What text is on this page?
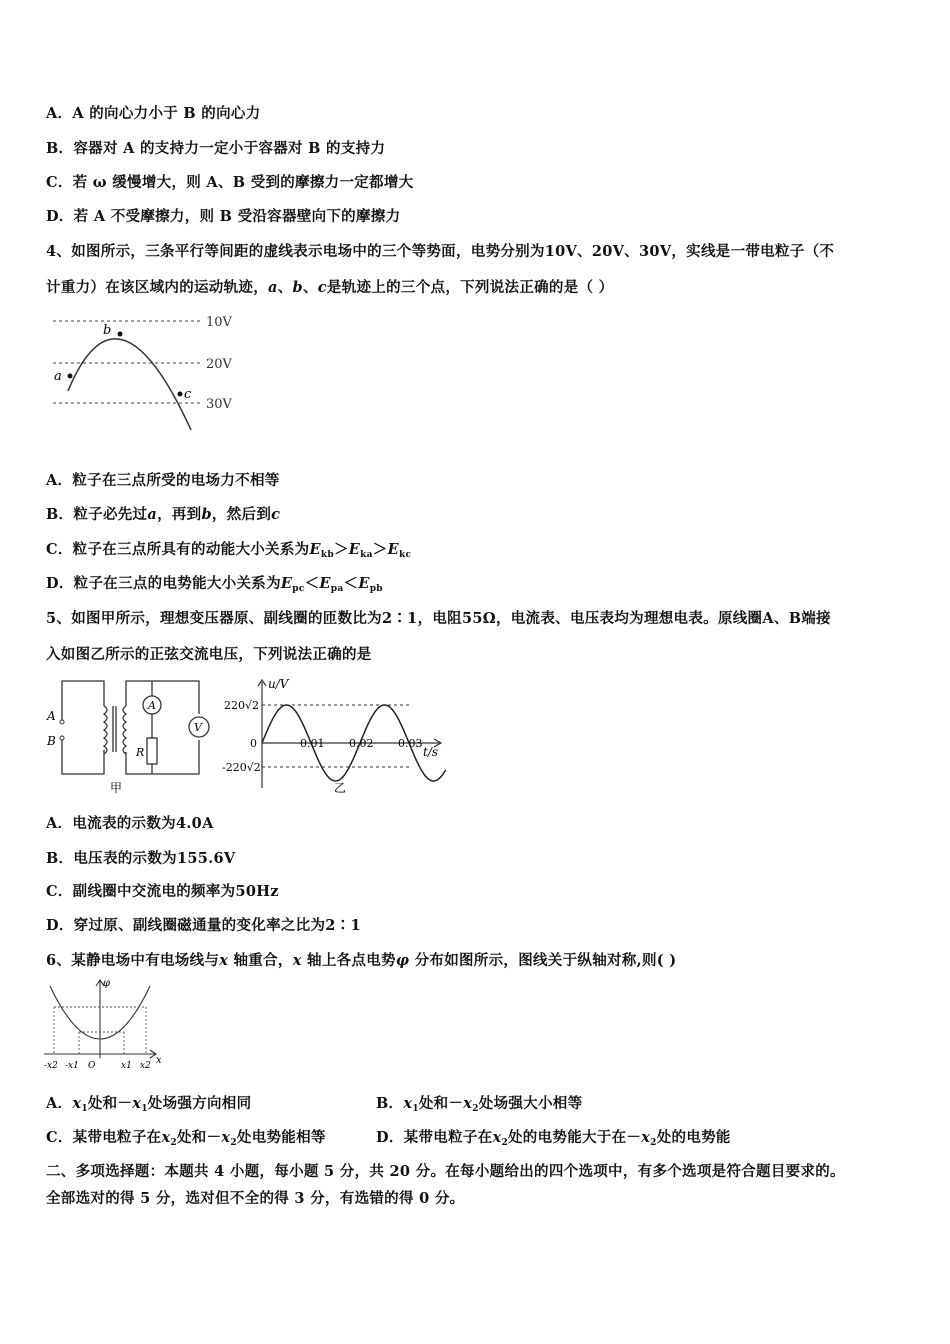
A．A 的向心力小于 B 的向心力
B．容器对 A 的支持力一定小于容器对 B 的支持力
C．若 ω 缓慢增大，则 A、B 受到的摩擦力一定都增大
D．若 A 不受摩擦力，则 B 受沿容器壁向下的摩擦力
4、如图所示，三条平行等间距的虚线表示电场中的三个等势面，电势分别为10V、20V、30V，实线是一带电粒子（不
计重力）在该区域内的运动轨迹，a、b、c是轨迹上的三个点，下列说法正确的是（ ）
10V
20V
30V
a
b
c
A．粒子在三点所受的电场力不相等
B．粒子必先过a，再到b，然后到c
C．粒子在三点所具有的动能大小关系为$E_{kb}>E_{ka}>E_{kc}$
D．粒子在三点的电势能大小关系为$E_{pc}<E_{pa}<E_{pb}$
5、如图甲所示，理想变压器原、副线圈的匝数比为2∶1，电阻55Ω，电流表、电压表均为理想电表。原线圈A、B端接
入如图乙所示的正弦交流电压，下列说法正确的是
A
B
A
V
R
甲
0.01 0.02 0.03
u/V
t/s
220√2
-220√2
0
乙
A．电流表的示数为4.0A
B．电压表的示数为155.6V
C．副线圈中交流电的频率为50Hz
D．穿过原、副线圈磁通量的变化率之比为2∶1
6、某静电场中有电场线与x 轴重合，x 轴上各点电势φ 分布如图所示，图线关于纵轴对称,则( )
φ
-x2 -x1 O	x1 x2 x
A．$x_1$处和$-x_1$处场强方向相同	B．$x_1$处和$-x_2$处场强大小相等
C．某带电粒子在$x_2$处和$-x_2$处电势能相等	D．某带电粒子在$x_2$处的电势能大于在$-x_2$处的电势能
二、多项选择题：本题共 4 小题，每小题 5 分，共 20 分。在每小题给出的四个选项中，有多个选项是符合题目要求的。
全部选对的得 5 分，选对但不全的得 3 分，有选错的得 0 分。
